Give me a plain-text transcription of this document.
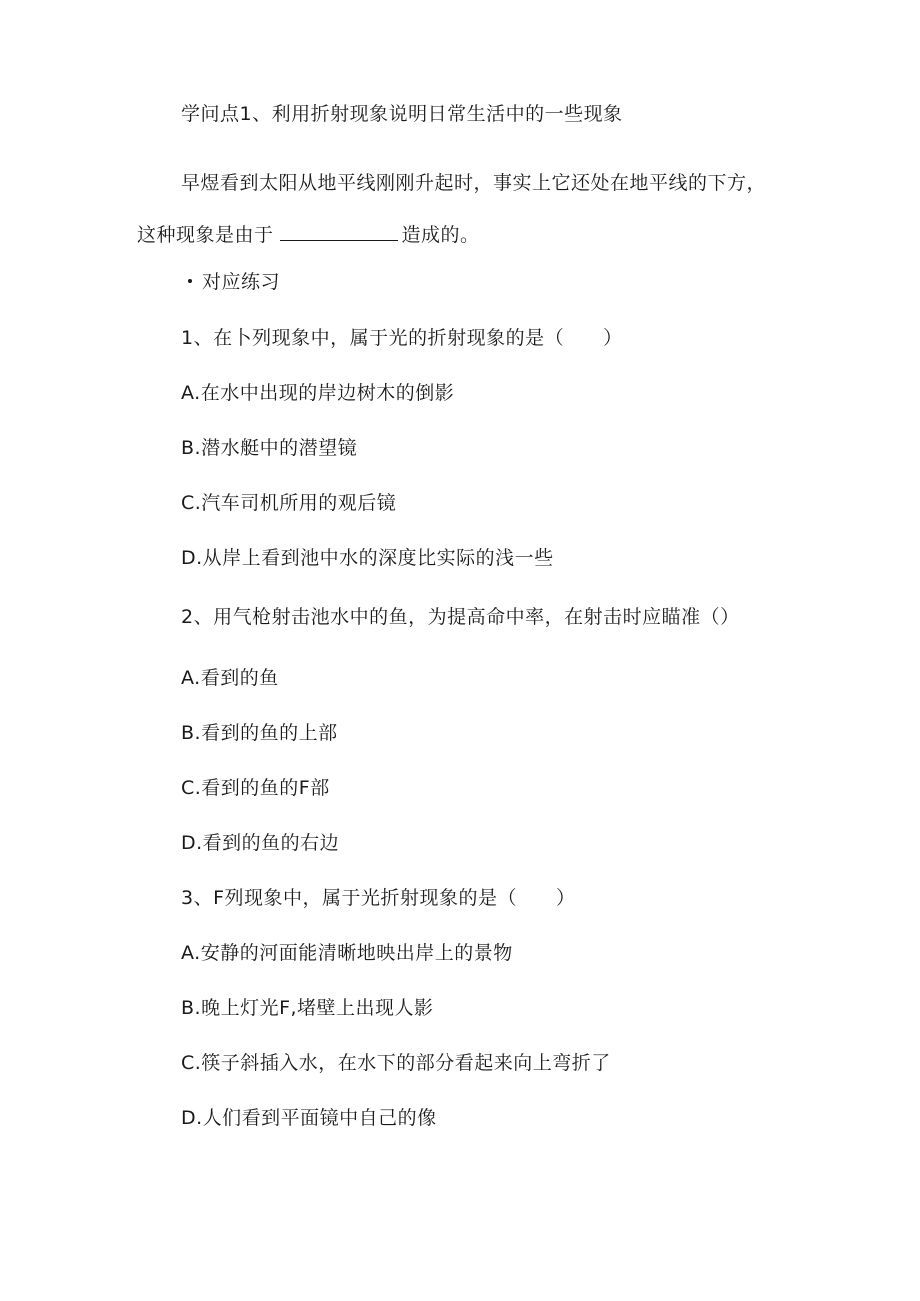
学问点1、利用折射现象说明日常生活中的一些现象
早煜看到太阳从地平线刚刚升起时，事实上它还处在地平线的下方，
这种现象是由于	造成的。
对应练习
1、在卜列现象中，属于光的折射现象的是（　　）
A.在水中出现的岸边树木的倒影
B.潜水艇中的潜望镜
C.汽车司机所用的观后镜
D.从岸上看到池中水的深度比实际的浅一些
2、用气枪射击池水中的鱼，为提高命中率，在射击时应瞄准（）
A.看到的鱼
B.看到的鱼的上部
C.看到的鱼的F部
D.看到的鱼的右边
3、F列现象中，属于光折射现象的是（　　）
A.安静的河面能清晰地映出岸上的景物
B.晚上灯光F,堵壁上出现人影
C.筷子斜插入水，在水下的部分看起来向上弯折了
D.人们看到平面镜中自己的像
